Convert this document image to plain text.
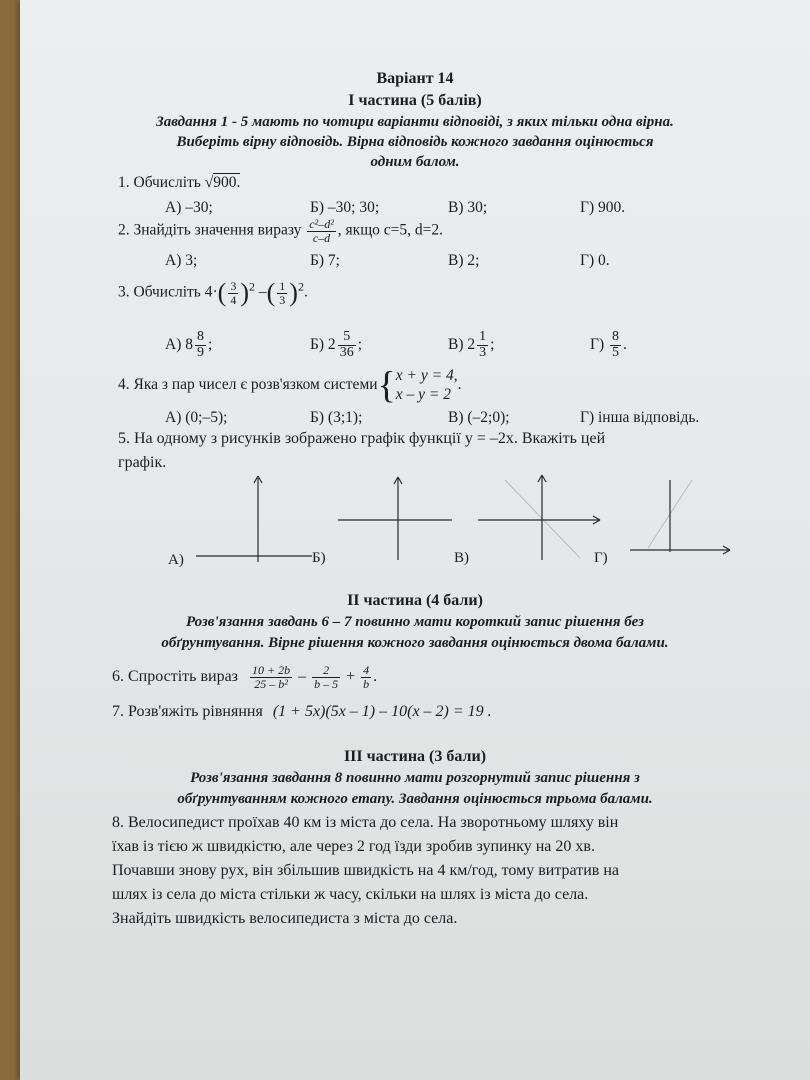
Варіант 14
І частина (5 балів)
Завдання 1 - 5 мають по чотири варіанти відповіді, з яких тільки одна вірна.
Виберіть вірну відповідь. Вірна відповідь кожного завдання оцінюється
одним балом.
1. Обчисліть √900.
А) –30;	Б) –30; 30;	В) 30;	Г) 900.
2. Знайдіть значення виразу $\frac{\text{c²–d²}}{c-d}$ , якщо c=5, d=2.
А) 3;	Б) 7;	В) 2;	Г) 0.
3. Обчисліть $4\cdot( \frac{3}{4} )^2$ –( $\frac{1}{3} )^2$.
А) $8 \frac{8}{9}$ ;	Б) $2 \frac{5}{36}$ ;	В) $2 \frac{1}{3}$ ;	$Г) \frac{8}{5}$ .
4. Яка з пар чисел є розв'язком системи{ x + y = 4,
x – y = 2
.
А) (0;–5);	Б) (3;1);	В) (–2;0);	Г) інша відповідь.
5. На одному з рисунків зображено графік функції y = –2x. Вкажіть цей
графік.
А)	Б)	В)	Г)
ІІ частина (4 бали)
Розв'язання завдань 6 – 7 повинно мати короткий запис рішення без
обґрунтування. Вірне рішення кожного завдання оцінюється двома балами.
6. Спростіть вираз $\frac{10 + 2b}{\text{25 – b²}} - \frac{2}{b - 5} + \frac{4}{b}$ .
7. Розв'яжіть рівняння (1 + 5x)(5x – 1) – 10(x – 2) = 19 .
ІІІ частина (3 бали)
Розв'язання завдання 8 повинно мати розгорнутий запис рішення з
обґрунтуванням кожного етапу. Завдання оцінюється трьома балами.
8. Велосипедист проїхав 40 км із міста до села. На зворотньому шляху він
їхав із тією ж швидкістю, але через 2 год їзди зробив зупинку на 20 хв.
Почавши знову рух, він збільшив швидкість на 4 км/год, тому витратив на
шлях із села до міста стільки ж часу, скільки на шлях із міста до села.
Знайдіть швидкість велосипедиста з міста до села.
